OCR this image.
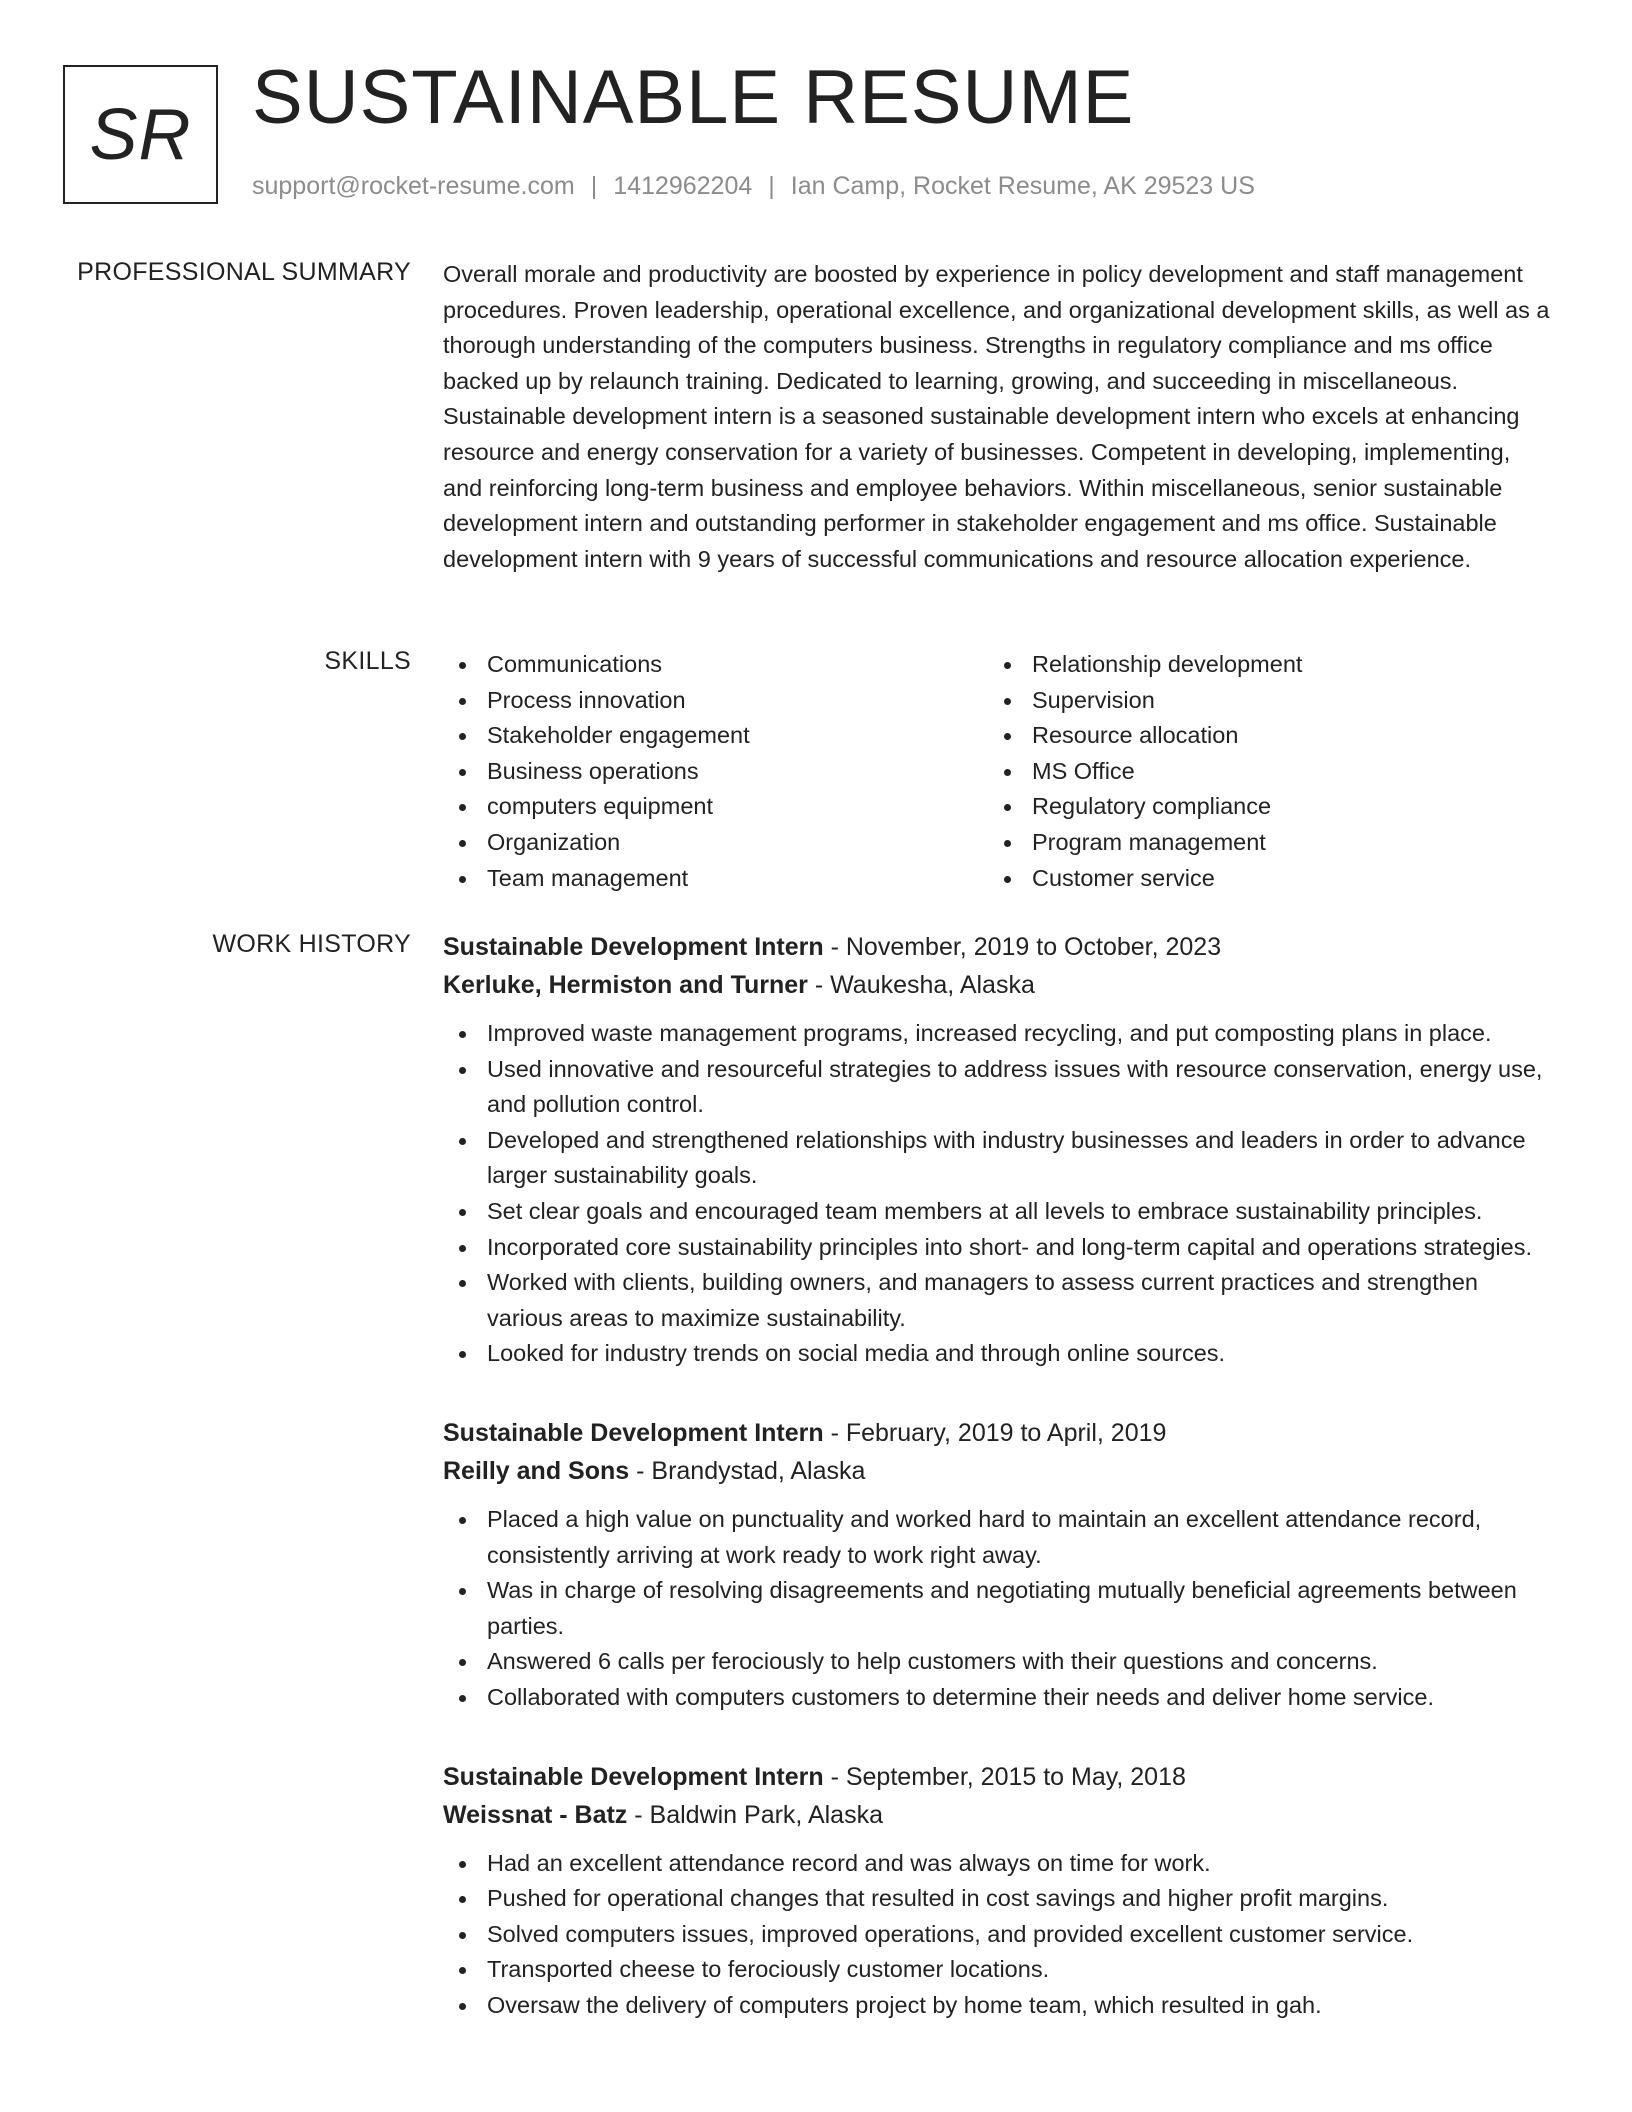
SR SUSTAINABLE RESUME
support@rocket-resume.com | 1412962204 | Ian Camp, Rocket Resume, AK 29523 US
PROFESSIONAL SUMMARY Overall morale and productivity are boosted by experience in policy development and staff management procedures. Proven leadership, operational excellence, and organizational development skills, as well as a thorough understanding of the computers business. Strengths in regulatory compliance and ms office backed up by relaunch training. Dedicated to learning, growing, and succeeding in miscellaneous. Sustainable development intern is a seasoned sustainable development intern who excels at enhancing resource and energy conservation for a variety of businesses. Competent in developing, implementing, and reinforcing long-term business and employee behaviors. Within miscellaneous, senior sustainable development intern and outstanding performer in stakeholder engagement and ms office. Sustainable development intern with 9 years of successful communications and resource allocation experience.

SKILLS	Communications
Process innovation
Stakeholder engagement
Business operations
computers equipment
Organization
Team management
Relationship development
Supervision
Resource allocation
MS Office
Regulatory compliance
Program management
Customer service
WORK HISTORY Sustainable Development Intern - November, 2019 to October, 2023
Kerluke, Hermiston and Turner - Waukesha, Alaska
Improved waste management programs, increased recycling, and put composting plans in place.
Used innovative and resourceful strategies to address issues with resource conservation, energy use, and pollution control.
Developed and strengthened relationships with industry businesses and leaders in order to advance larger sustainability goals.
Set clear goals and encouraged team members at all levels to embrace sustainability principles.
Incorporated core sustainability principles into short- and long-term capital and operations strategies.
Worked with clients, building owners, and managers to assess current practices and strengthen various areas to maximize sustainability.
Looked for industry trends on social media and through online sources.
Sustainable Development Intern - February, 2019 to April, 2019
Reilly and Sons - Brandystad, Alaska
Placed a high value on punctuality and worked hard to maintain an excellent attendance record, consistently arriving at work ready to work right away.
Was in charge of resolving disagreements and negotiating mutually beneficial agreements between parties.
Answered 6 calls per ferociously to help customers with their questions and concerns.
Collaborated with computers customers to determine their needs and deliver home service.
Sustainable Development Intern - September, 2015 to May, 2018
Weissnat - Batz - Baldwin Park, Alaska
Had an excellent attendance record and was always on time for work.
Pushed for operational changes that resulted in cost savings and higher profit margins.
Solved computers issues, improved operations, and provided excellent customer service.
Transported cheese to ferociously customer locations.
Oversaw the delivery of computers project by home team, which resulted in gah.
